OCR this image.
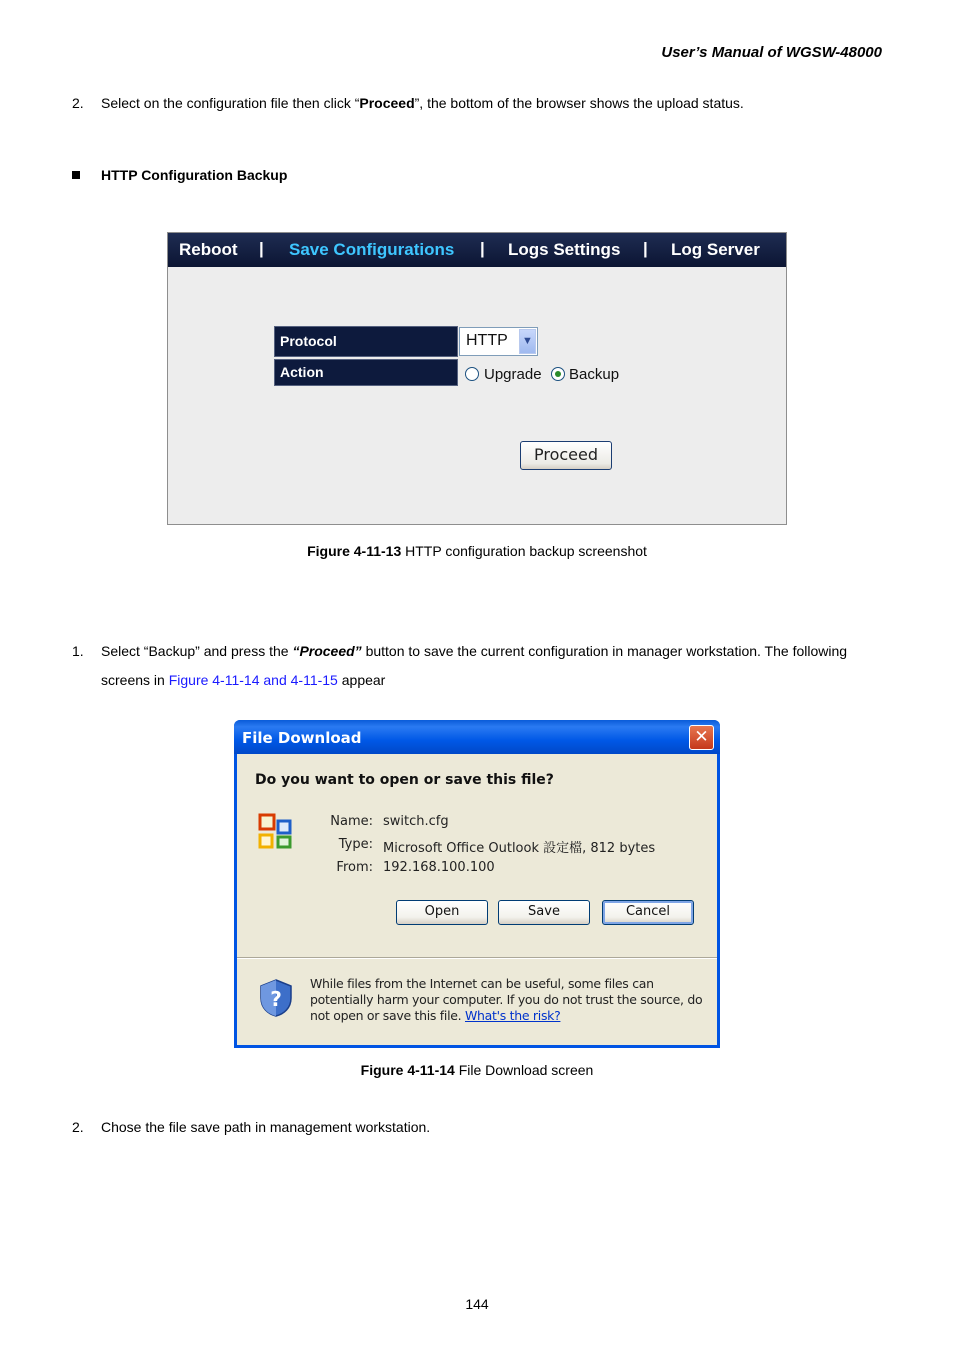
User’s Manual of WGSW-48000
2.	Select on the configuration file then click “Proceed”, the bottom of the browser shows the upload status.
HTTP Configuration Backup
Reboot | Save Configurations | Logs Settings | Log Server
Protocol	HTTP ▼
Action	Upgrade Backup
Proceed
Figure 4-11-13 HTTP configuration backup screenshot
1.	Select “Backup” and press the “Proceed” button to save the current configuration in manager workstation. The following
screens in Figure 4-11-14 and 4-11-15 appear
File Download	✕
Do you want to open or save this file?
Name: switch.cfg
Type: Microsoft Office Outlook 設定檔, 812 bytes
From: 192.168.100.100
Open	Save	Cancel
?
While files from the Internet can be useful, some files can potentially harm your computer. If you do not trust the source, do not open or save this file. What's the risk?
Figure 4-11-14 File Download screen
2.	Chose the file save path in management workstation.
144
